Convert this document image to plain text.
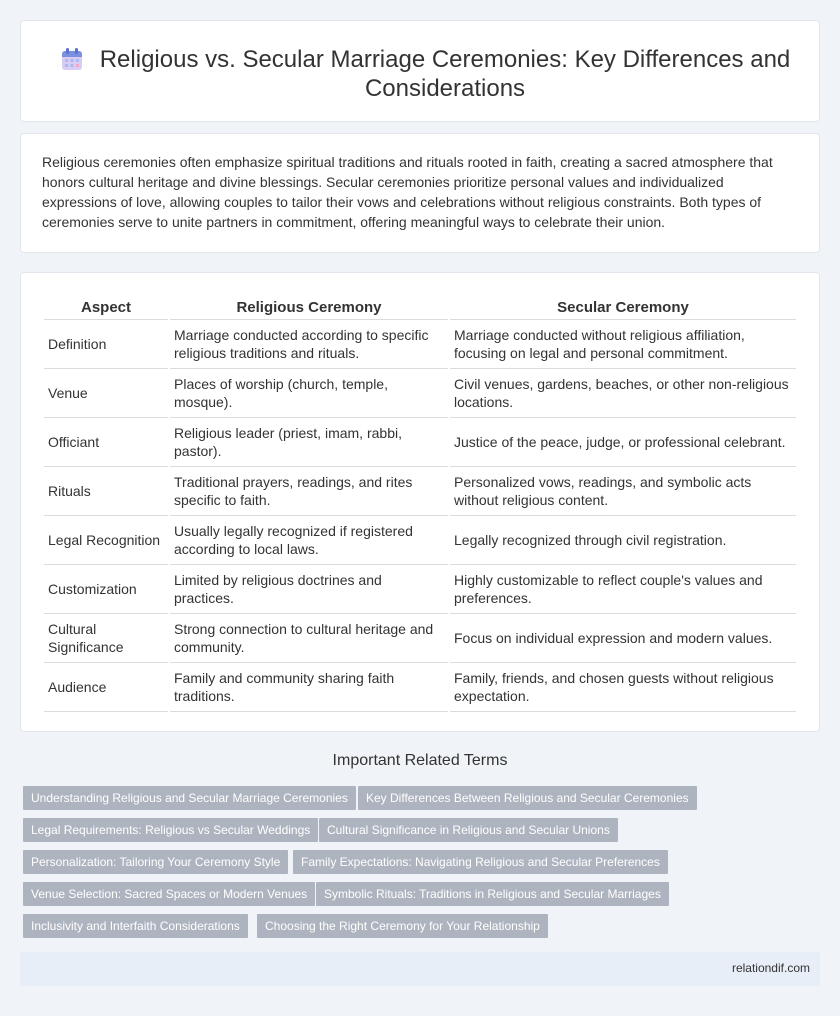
Religious vs. Secular Marriage Ceremonies: Key Differences and Considerations

Religious ceremonies often emphasize spiritual traditions and rituals rooted in faith, creating a sacred atmosphere that honors cultural heritage and divine blessings. Secular ceremonies prioritize personal values and individualized expressions of love, allowing couples to tailor their vows and celebrations without religious constraints. Both types of ceremonies serve to unite partners in commitment, offering meaningful ways to celebrate their union.

Aspect	Religious Ceremony	Secular Ceremony
Definition	Marriage conducted according to specific religious traditions and rituals.	Marriage conducted without religious affiliation, focusing on legal and personal commitment.
Venue	Places of worship (church, temple, mosque).	Civil venues, gardens, beaches, or other non-religious locations.
Officiant	Religious leader (priest, imam, rabbi, pastor).	Justice of the peace, judge, or professional celebrant.
Rituals	Traditional prayers, readings, and rites specific to faith.	Personalized vows, readings, and symbolic acts without religious content.
Legal Recognition	Usually legally recognized if registered according to local laws.	Legally recognized through civil registration.
Customization	Limited by religious doctrines and practices.	Highly customizable to reflect couple's values and preferences.
Cultural Significance	Strong connection to cultural heritage and community.	Focus on individual expression and modern values.
Audience	Family and community sharing faith traditions.	Family, friends, and chosen guests without religious expectation.
Important Related Terms
Understanding Religious and Secular Marriage Ceremonies	Key Differences Between Religious and Secular Ceremonies
Legal Requirements: Religious vs Secular Weddings	Cultural Significance in Religious and Secular Unions
Personalization: Tailoring Your Ceremony Style	Family Expectations: Navigating Religious and Secular Preferences
Venue Selection: Sacred Spaces or Modern Venues	Symbolic Rituals: Traditions in Religious and Secular Marriages
Inclusivity and Interfaith Considerations	Choosing the Right Ceremony for Your Relationship
relationdif.com
